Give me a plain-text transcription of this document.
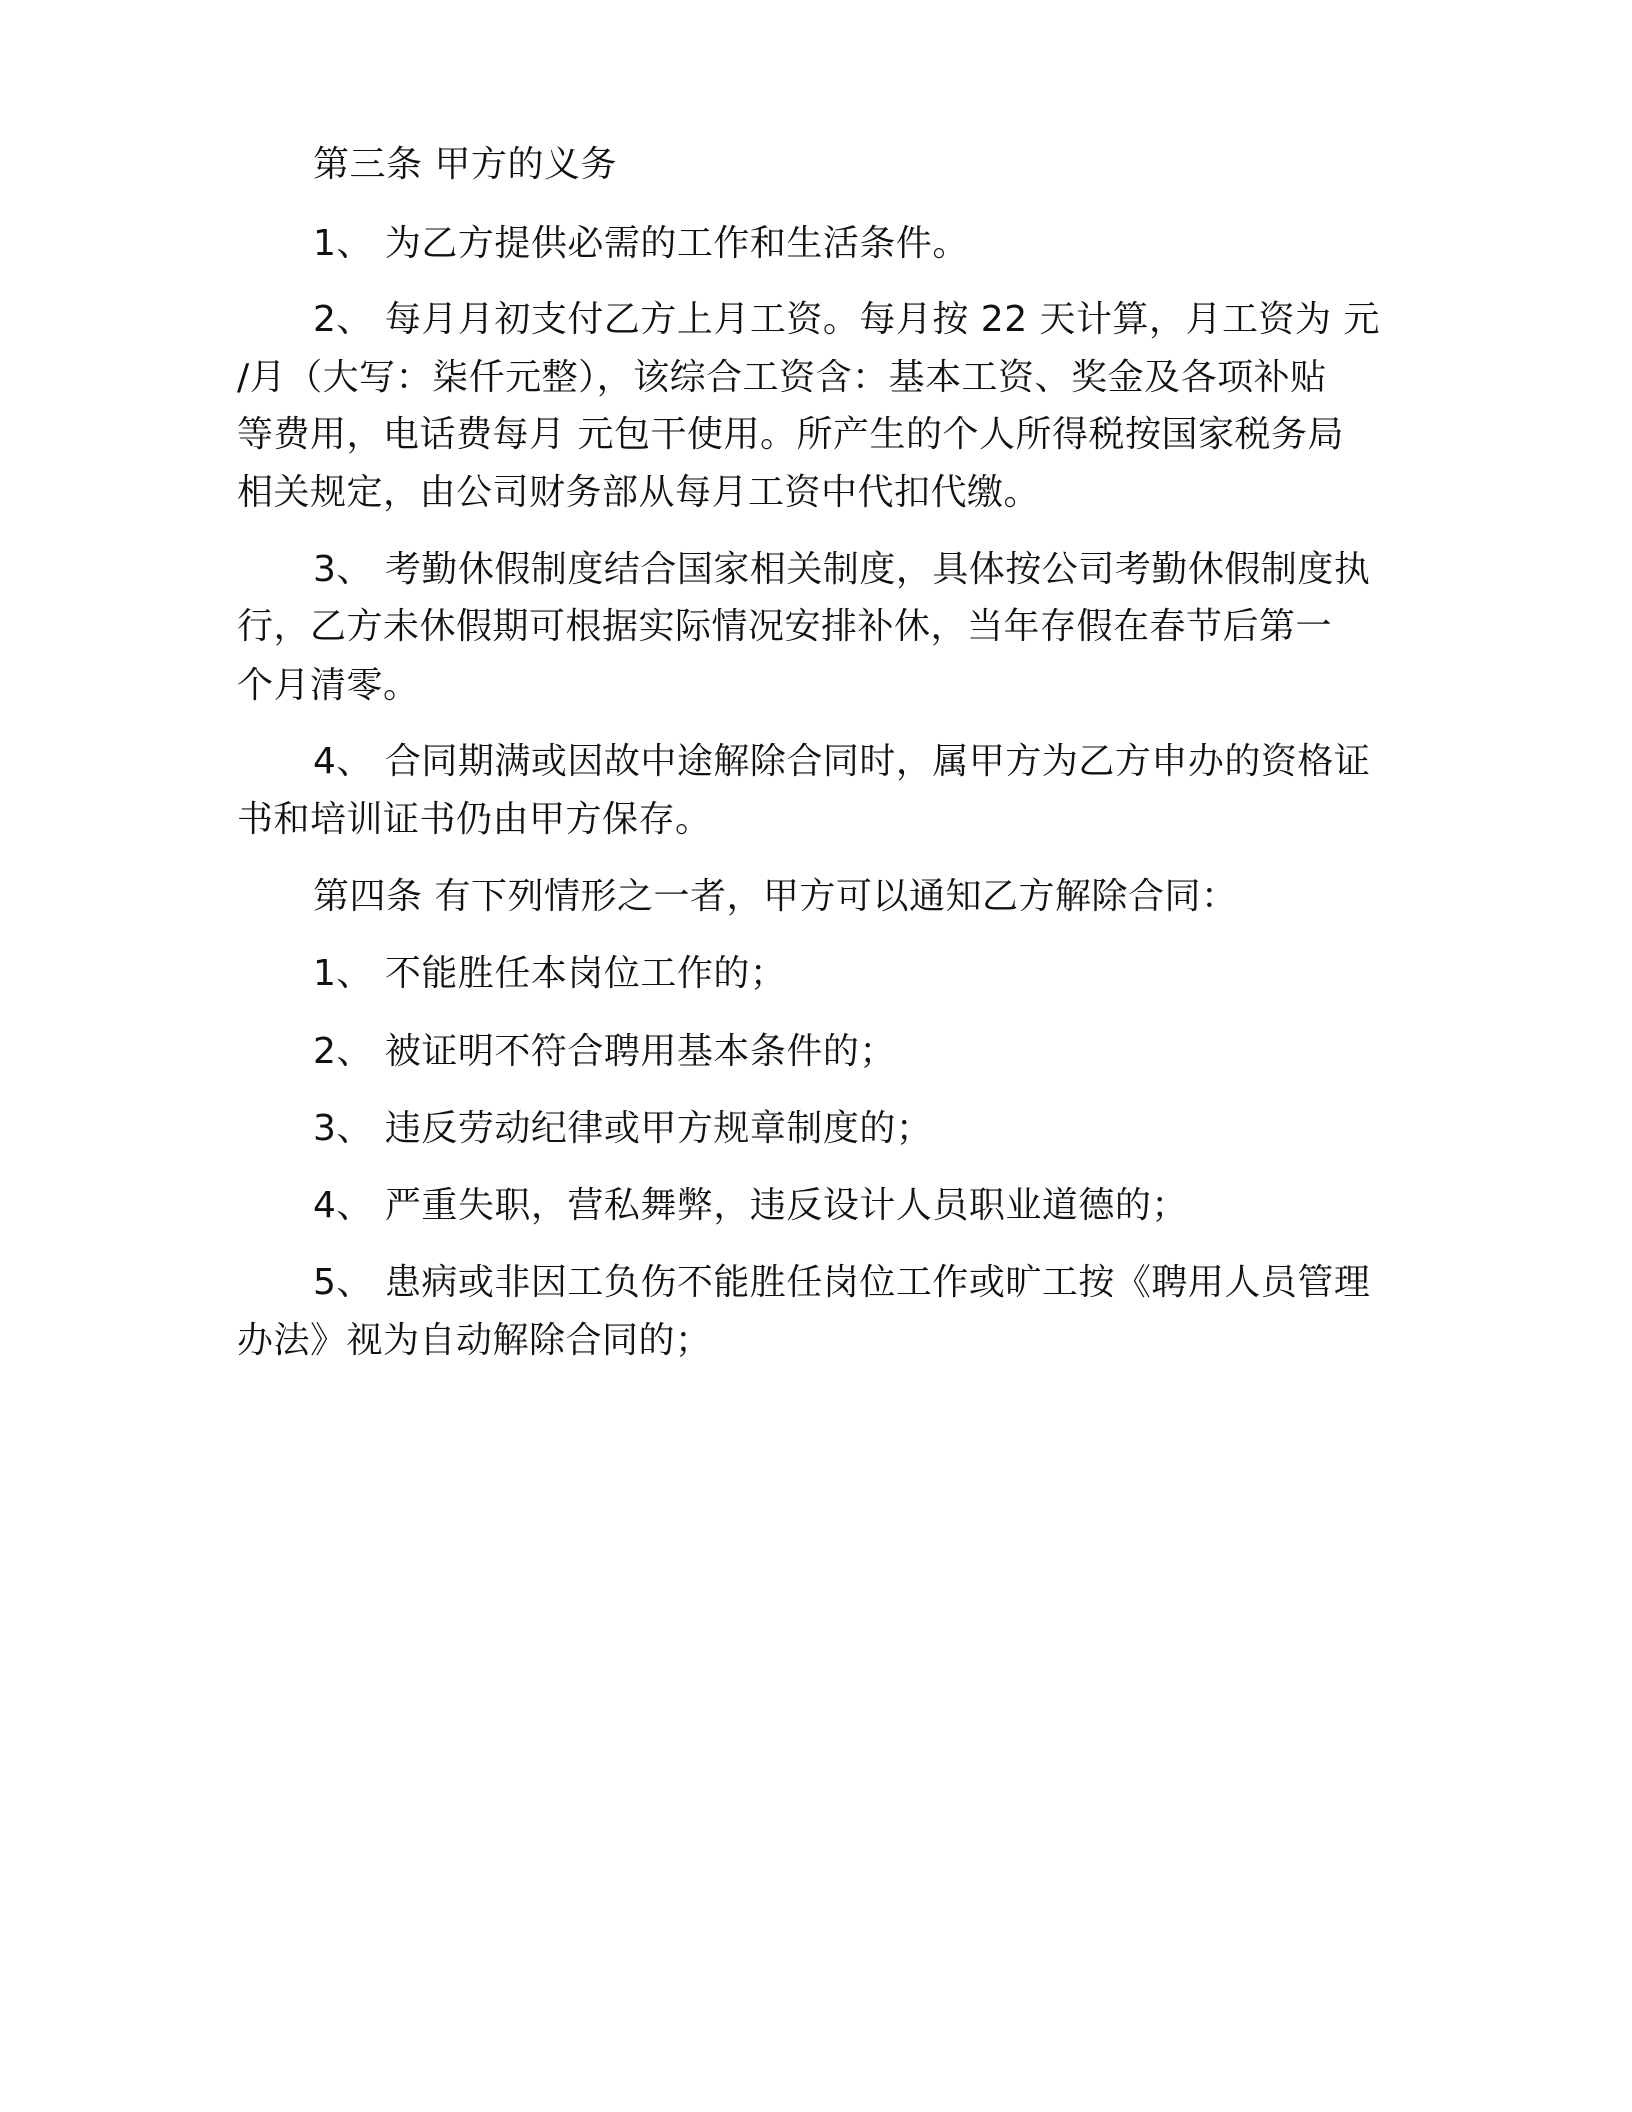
第三条 甲方的义务
1、 为乙方提供必需的工作和生活条件。
2、 每月月初支付乙方上月工资。每月按 22 天计算，月工资为 元
/月（大写：柒仟元整），该综合工资含：基本工资、奖金及各项补贴
等费用，电话费每月 元包干使用。所产生的个人所得税按国家税务局
相关规定，由公司财务部从每月工资中代扣代缴。
3、 考勤休假制度结合国家相关制度，具体按公司考勤休假制度执
行，乙方未休假期可根据实际情况安排补休，当年存假在春节后第一
个月清零。
4、 合同期满或因故中途解除合同时，属甲方为乙方申办的资格证
书和培训证书仍由甲方保存。
第四条 有下列情形之一者，甲方可以通知乙方解除合同：
1、 不能胜任本岗位工作的；
2、 被证明不符合聘用基本条件的；
3、 违反劳动纪律或甲方规章制度的；
4、 严重失职，营私舞弊，违反设计人员职业道德的；
5、 患病或非因工负伤不能胜任岗位工作或旷工按《聘用人员管理
办法》视为自动解除合同的；
